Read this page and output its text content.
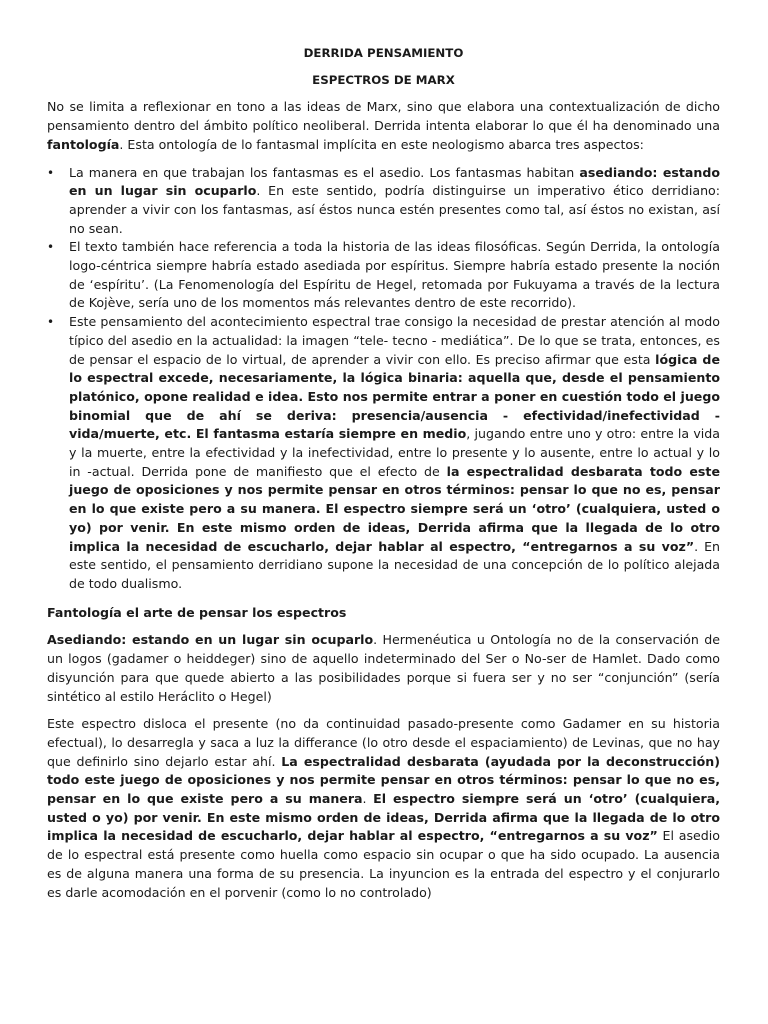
DERRIDA PENSAMIENTO

ESPECTROS DE MARX

No se limita a reflexionar en tono a las ideas de Marx, sino que elabora una contextualización de dicho pensamiento dentro del ámbito político neoliberal. Derrida intenta elaborar lo que él ha denominado una fantología. Esta ontología de lo fantasmal implícita en este neologismo abarca tres aspectos:

• La manera en que trabajan los fantasmas es el asedio. Los fantasmas habitan asediando: estando en un lugar sin ocuparlo. En este sentido, podría distinguirse un imperativo ético derridiano: aprender a vivir con los fantasmas, así éstos nunca estén presentes como tal, así éstos no existan, así no sean.
• El texto también hace referencia a toda la historia de las ideas filosóficas. Según Derrida, la ontología logo-céntrica siempre habría estado asediada por espíritus. Siempre habría estado presente la noción de ‘espíritu’. (La Fenomenología del Espíritu de Hegel, retomada por Fukuyama a través de la lectura de Kojève, sería uno de los momentos más relevantes dentro de este recorrido).
• Este pensamiento del acontecimiento espectral trae consigo la necesidad de prestar atención al modo típico del asedio en la actualidad: la imagen “tele- tecno - mediática”. De lo que se trata, entonces, es de pensar el espacio de lo virtual, de aprender a vivir con ello. Es preciso afirmar que esta lógica de lo espectral excede, necesariamente, la lógica binaria: aquella que, desde el pensamiento platónico, opone realidad e idea. Esto nos permite entrar a poner en cuestión todo el juego binomial que de ahí se deriva: presencia/ausencia - efectividad/inefectividad - vida/muerte, etc. El fantasma estaría siempre en medio, jugando entre uno y otro: entre la vida y la muerte, entre la efectividad y la inefectividad, entre lo presente y lo ausente, entre lo actual y lo in -actual. Derrida pone de manifiesto que el efecto de la espectralidad desbarata todo este juego de oposiciones y nos permite pensar en otros términos: pensar lo que no es, pensar en lo que existe pero a su manera. El espectro siempre será un ‘otro’ (cualquiera, usted o yo) por venir. En este mismo orden de ideas, Derrida afirma que la llegada de lo otro implica la necesidad de escucharlo, dejar hablar al espectro, “entregarnos a su voz”. En este sentido, el pensamiento derridiano supone la necesidad de una concepción de lo político alejada de todo dualismo.

Fantología el arte de pensar los espectros

Asediando: estando en un lugar sin ocuparlo. Hermenéutica u Ontología no de la conservación de un logos (gadamer o heiddeger) sino de aquello indeterminado del Ser o No-ser de Hamlet. Dado como disyunción para que quede abierto a las posibilidades porque si fuera ser y no ser “conjunción” (sería sintético al estilo Heráclito o Hegel)

Este espectro disloca el presente (no da continuidad pasado-presente como Gadamer en su historia efectual), lo desarregla y saca a luz la differance (lo otro desde el espaciamiento) de Levinas, que no hay que definirlo sino dejarlo estar ahí. La espectralidad desbarata (ayudada por la deconstrucción) todo este juego de oposiciones y nos permite pensar en otros términos: pensar lo que no es, pensar en lo que existe pero a su manera. El espectro siempre será un ‘otro’ (cualquiera, usted o yo) por venir. En este mismo orden de ideas, Derrida afirma que la llegada de lo otro implica la necesidad de escucharlo, dejar hablar al espectro, “entregarnos a su voz” El asedio de lo espectral está presente como huella como espacio sin ocupar o que ha sido ocupado. La ausencia es de alguna manera una forma de su presencia. La inyuncion es la entrada del espectro y el conjurarlo es darle acomodación en el porvenir (como lo no controlado)
